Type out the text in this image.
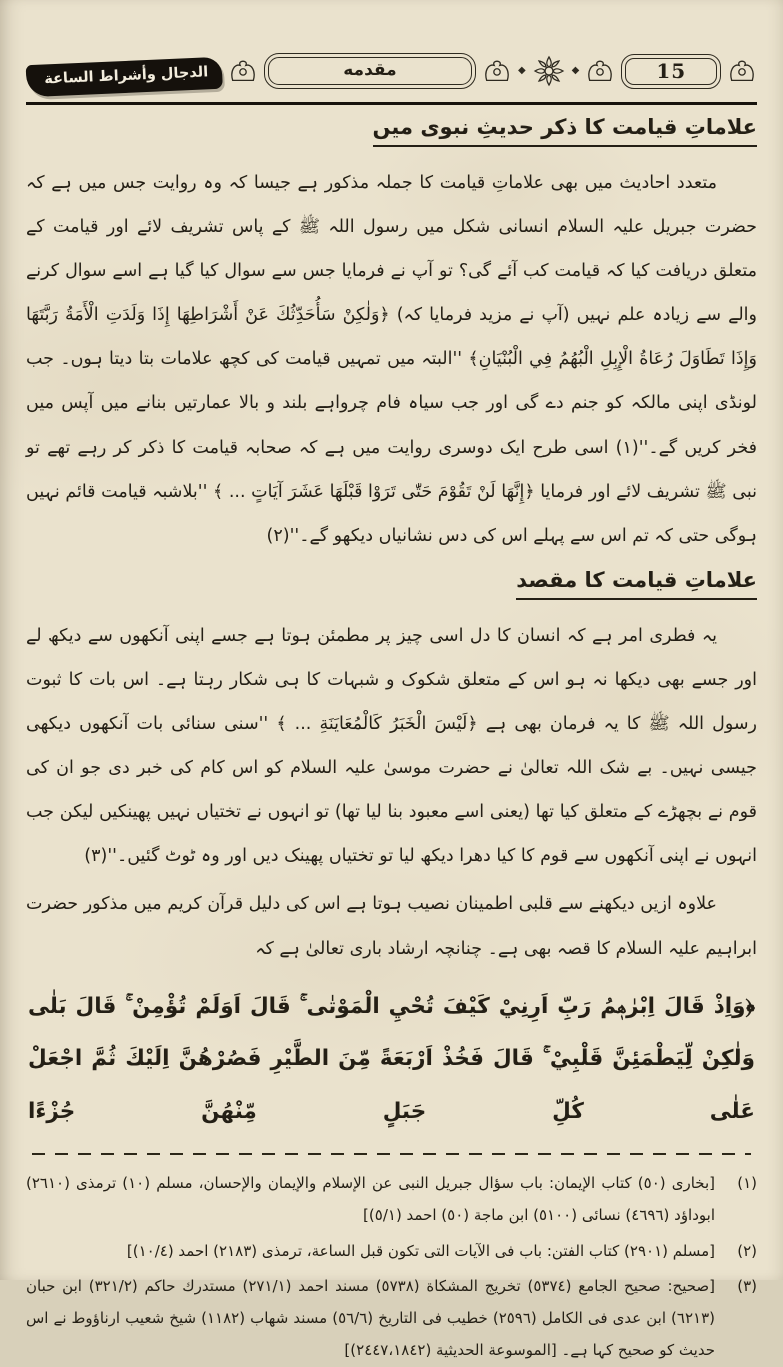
الدجال وأشراط الساعة	مقدمه	◆	◆	15
علاماتِ قیامت کا ذکر حدیثِ نبوی میں

متعدد احادیث میں بھی علاماتِ قیامت کا جملہ مذکور ہے جیسا کہ وہ روایت جس میں ہے کہ حضرت جبریل علیہ السلام انسانی شکل میں رسول اللہ ﷺ کے پاس تشریف لائے اور قیامت کے متعلق دریافت کیا کہ قیامت کب آئے گی؟ تو آپ نے فرمایا جس سے سوال کیا گیا ہے اسے سوال کرنے والے سے زیادہ علم نہیں (آپ نے مزید فرمایا کہ) ﴿وَلٰكِنْ سَأُحَدِّثُكَ عَنْ أَشْرَاطِهَا إِذَا وَلَدَتِ الْأَمَةُ رَبَّتَهَا وَإِذَا تَطَاوَلَ رُعَاةُ الْإِبِلِ الْبُهُمُ فِي الْبُنْيَانِ﴾ ''البتہ میں تمہیں قیامت کی کچھ علامات بتا دیتا ہوں۔ جب لونڈی اپنی مالکہ کو جنم دے گی اور جب سیاہ فام چرواہے بلند و بالا عمارتیں بنانے میں آپس میں فخر کریں گے۔''(١) اسی طرح ایک دوسری روایت میں ہے کہ صحابہ قیامت کا ذکر کر رہے تھے تو نبی ﷺ تشریف لائے اور فرمایا ﴿إِنَّهَا لَنْ تَقُوْمَ حَتّٰى تَرَوْا قَبْلَهَا عَشَرَ آيَاتٍ ... ﴾ ''بلاشبہ قیامت قائم نہیں ہوگی حتی کہ تم اس سے پہلے اس کی دس نشانیاں دیکھو گے۔''(٢)

علاماتِ قیامت کا مقصد

یہ فطری امر ہے کہ انسان کا دل اسی چیز پر مطمئن ہوتا ہے جسے اپنی آنکھوں سے دیکھ لے اور جسے بھی دیکھا نہ ہو اس کے متعلق شکوک و شبہات کا ہی شکار رہتا ہے۔ اس بات کا ثبوت رسول اللہ ﷺ کا یہ فرمان بھی ہے ﴿لَيْسَ الْخَبَرُ كَالْمُعَايَنَةِ ... ﴾ ''سنی سنائی بات آنکھوں دیکھی جیسی نہیں۔ بے شک اللہ تعالیٰ نے حضرت موسیٰ علیہ السلام کو اس کام کی خبر دی جو ان کی قوم نے بچھڑے کے متعلق کیا تھا (یعنی اسے معبود بنا لیا تھا) تو انہوں نے تختیاں نہیں پھینکیں لیکن جب انہوں نے اپنی آنکھوں سے قوم کا کیا دھرا دیکھ لیا تو تختیاں پھینک دیں اور وہ ٹوٹ گئیں۔''(٣)

علاوہ ازیں دیکھنے سے قلبی اطمینان نصیب ہوتا ہے اس کی دلیل قرآن کریم میں مذکور حضرت ابراہیم علیہ السلام کا قصہ بھی ہے۔ چنانچہ ارشاد باری تعالیٰ ہے کہ

﴿وَاِذْ قَالَ اِبْرٰهٖمُ رَبِّ اَرِنِيْ كَيْفَ تُحْيِ الْمَوْتٰى ۚ قَالَ اَوَلَمْ تُؤْمِنْ ۚ قَالَ بَلٰى وَلٰكِنْ لِّيَطْمَئِنَّ قَلْبِيْ ۚ قَالَ فَخُذْ اَرْبَعَةً مِّنَ الطَّيْرِ فَصُرْهُنَّ اِلَيْكَ ثُمَّ اجْعَلْ عَلٰى كُلِّ جَبَلٍ مِّنْهُنَّ جُزْءًا
(١)
[بخاری (٥٠) کتاب الإیمان: باب سؤال جبریل النبی عن الإسلام والإیمان والإحسان، مسلم (١٠) ترمذی (٢٦١٠) ابوداؤد (٤٦٩٦) نسائی (٥١٠٠) ابن ماجة (٥٠) احمد (٥/١)]
(٢)
[مسلم (٢٩٠١) کتاب الفتن: باب فی الآیات التی تکون قبل الساعة، ترمذی (٢١٨٣) احمد (١٠/٤)]
(٣)
[صحیح: صحیح الجامع (٥٣٧٤) تخریج المشکاة (٥٧٣٨) مسند احمد (٢٧١/١) مستدرك حاکم (٣٢١/٢) ابن حبان (٦٢١٣) ابن عدی فی الکامل (٢٥٩٦) خطیب فی التاریخ (٥٦/٦) مسند شهاب (١١٨٢) شیخ شعیب ارناؤوط نے اس حدیث کو صحیح کہا ہے۔ [الموسوعة الحدیثیة (٢٤٤٧،١٨٤٢)]
